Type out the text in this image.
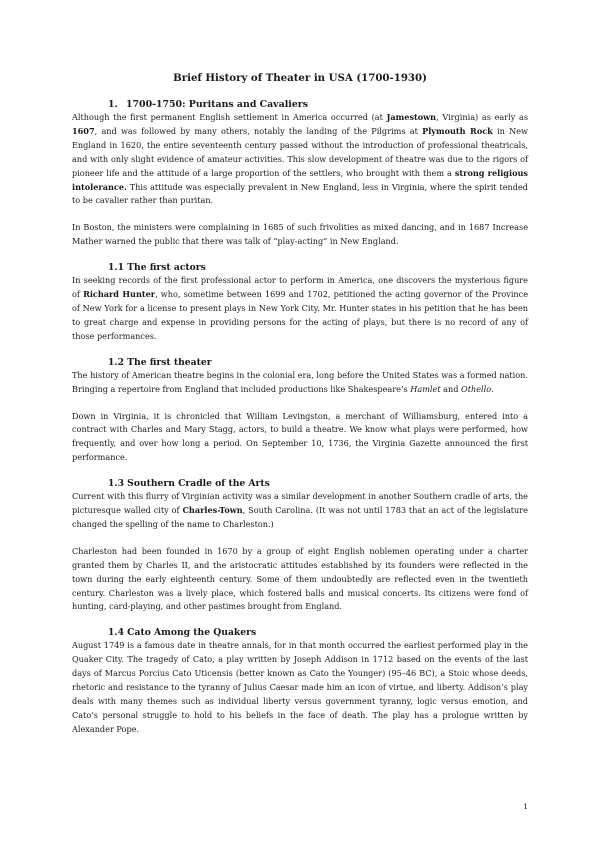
Brief History of Theater in USA (1700-1930)
1. 1700-1750: Puritans and Cavaliers

Although the first permanent English settlement in America occurred (at Jamestown, Virginia) as early as 1607, and was followed by many others, notably the landing of the Pilgrims at Plymouth Rock in New England in 1620, the entire seventeenth century passed without the introduction of professional theatricals, and with only slight evidence of amateur activities. This slow development of theatre was due to the rigors of pioneer life and the attitude of a large proportion of the settlers, who brought with them a strong religious intolerance. This attitude was especially prevalent in New England, less in Virginia, where the spirit tended to be cavalier rather than puritan.

In Boston, the ministers were complaining in 1685 of such frivolities as mixed dancing, and in 1687 Increase Mather warned the public that there was talk of “play-acting” in New England.

1.1 The first actors

In seeking records of the first professional actor to perform in America, one discovers the mysterious figure of Richard Hunter, who, sometime between 1699 and 1702, petitioned the acting governor of the Province of New York for a license to present plays in New York City. Mr. Hunter states in his petition that he has been to great charge and expense in providing persons for the acting of plays, but there is no record of any of those performances.

1.2 The first theater

The history of American theatre begins in the colonial era, long before the United States was a formed nation. Bringing a repertoire from England that included productions like Shakespeare’s Hamlet and Othello.

Down in Virginia, it is chronicled that William Levingston, a merchant of Williamsburg, entered into a contract with Charles and Mary Stagg, actors, to build a theatre. We know what plays were performed, how frequently, and over how long a period. On September 10, 1736, the Virginia Gazette announced the first performance.

1.3 Southern Cradle of the Arts

Current with this flurry of Virginian activity was a similar development in another Southern cradle of arts, the picturesque walled city of Charles-Town, South Carolina. (It was not until 1783 that an act of the legislature changed the spelling of the name to Charleston.)

Charleston had been founded in 1670 by a group of eight English noblemen operating under a charter granted them by Charles II, and the aristocratic attitudes established by its founders were reflected in the town during the early eighteenth century. Some of them undoubtedly are reflected even in the twentieth century. Charleston was a lively place, which fostered balls and musical concerts. Its citizens were fond of hunting, card-playing, and other pastimes brought from England.

1.4 Cato Among the Quakers

August 1749 is a famous date in theatre annals, for in that month occurred the earliest performed play in the Quaker City. The tragedy of Cato, a play written by Joseph Addison in 1712 based on the events of the last days of Marcus Porcius Cato Uticensis (better known as Cato the Younger) (95–46 BC), a Stoic whose deeds, rhetoric and resistance to the tyranny of Julius Caesar made him an icon of virtue, and liberty. Addison’s play deals with many themes such as individual liberty versus government tyranny, logic versus emotion, and Cato’s personal struggle to hold to his beliefs in the face of death. The play has a prologue written by Alexander Pope.

1
